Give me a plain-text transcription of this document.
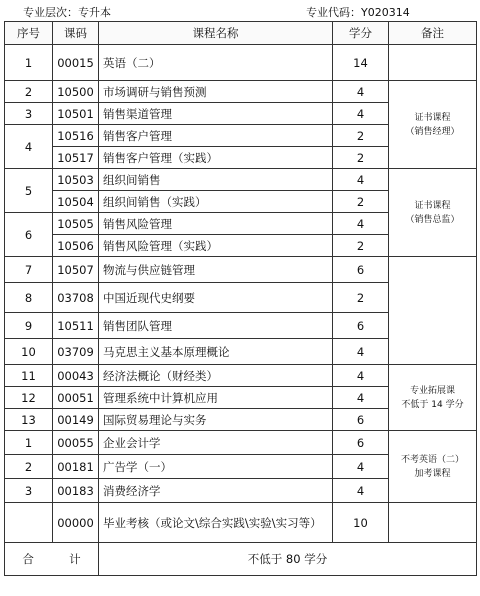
专业层次：专升本	专业代码：Y020314
序号	课码	课程名称	学分	备注
1	00015	英语（二）	14	
2	10500	市场调研与销售预测	4	证书课程
（销售经理）

3	10501	销售渠道管理	4	
4	10516	销售客户管理	2	
	10517	销售客户管理（实践）	2	
5	10503	组织间销售	4	证书课程
（销售总监）

	10504	组织间销售（实践）	2	
6	10505	销售风险管理	4	
	10506	销售风险管理（实践）	2	
7	10507	物流与供应链管理	6	
8	03708	中国近现代史纲要	2	
9	10511	销售团队管理	6	
10	03709	马克思主义基本原理概论	4	
11	00043	经济法概论（财经类）	4	专业拓展课
不低于 14 学分

12	00051	管理系统中计算机应用	4	
13	00149	国际贸易理论与实务	6	
1	00055	企业会计学	6	不考英语（二）
加考课程

2	00181	广告学（一）	4	
3	00183	消费经济学	4	
	00000	毕业考核（或论文\综合实践\实验\实习等）	10	
合 计		不低于 80 学分		
